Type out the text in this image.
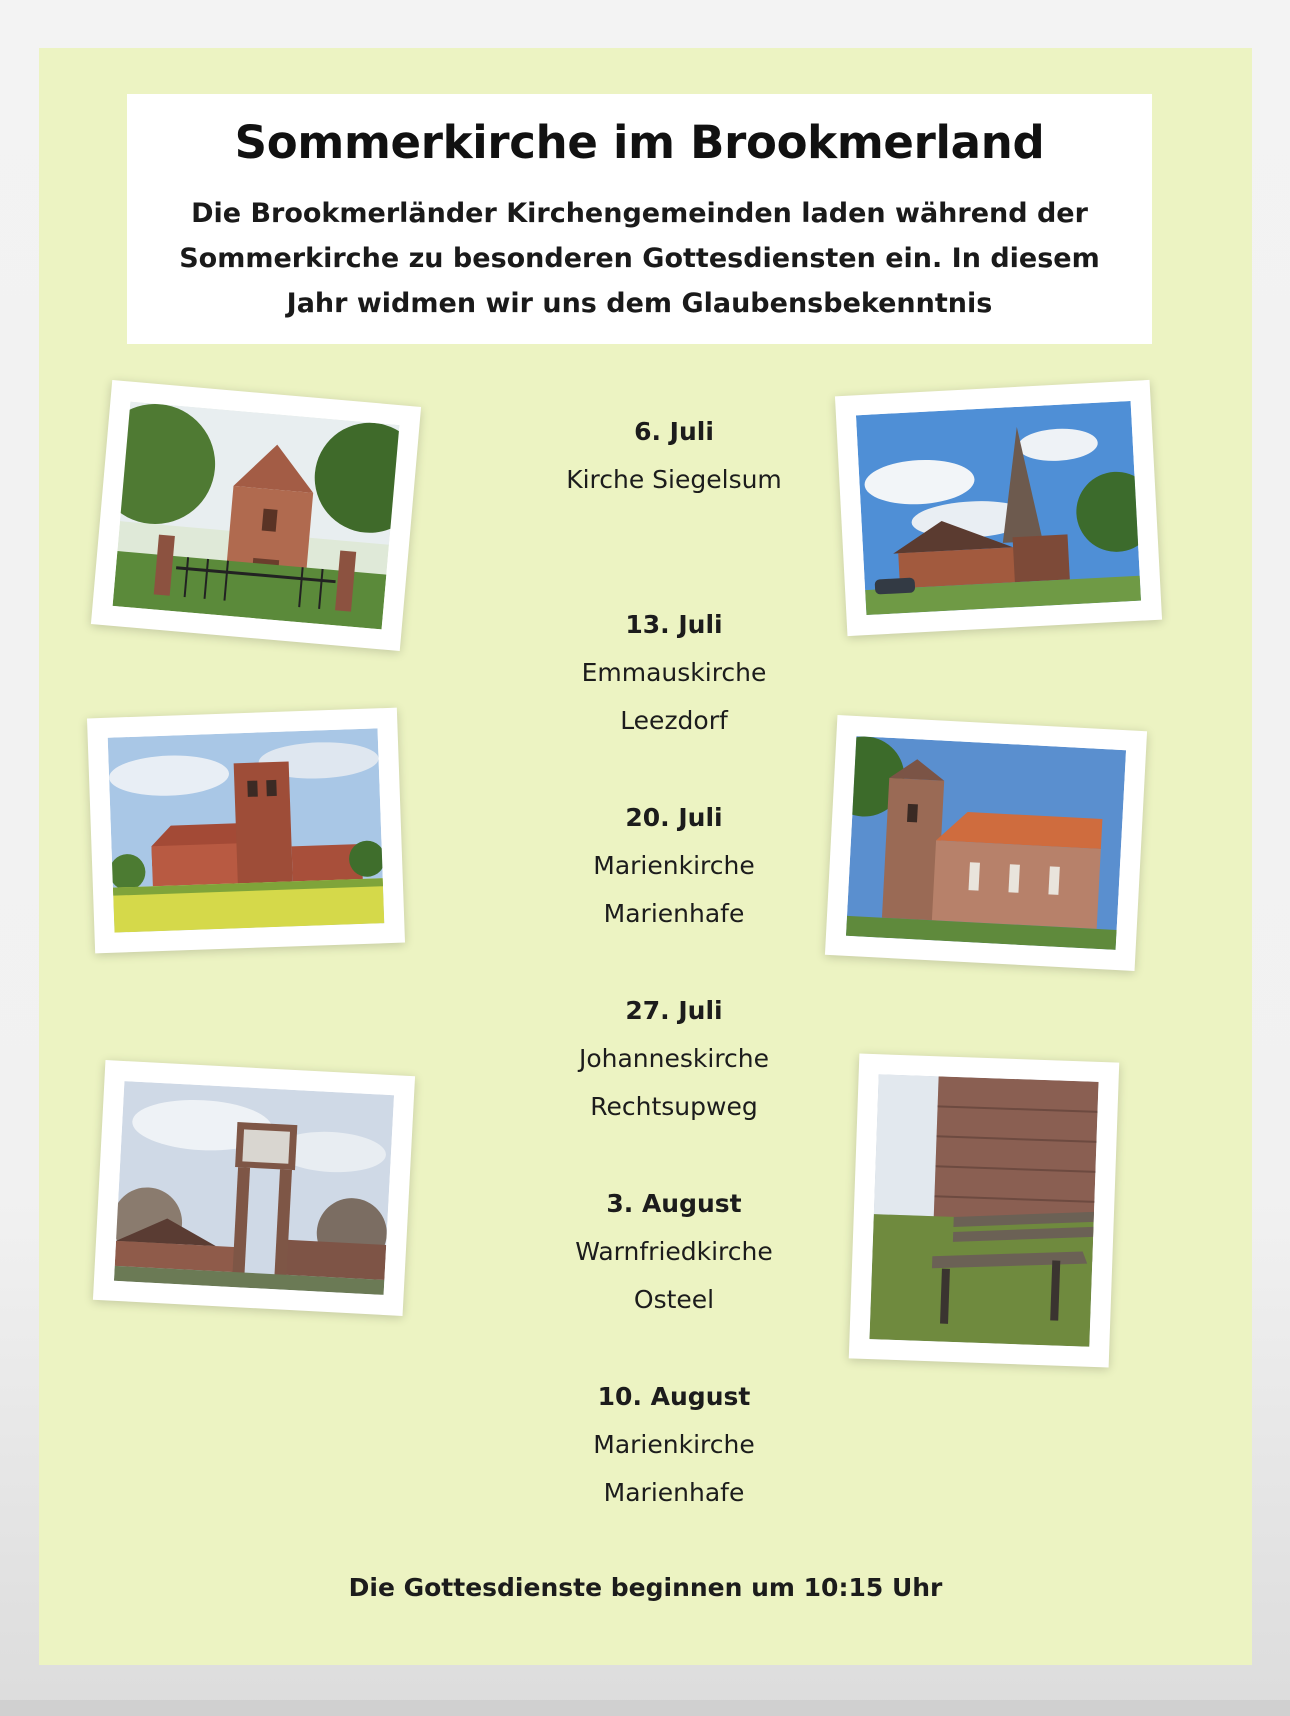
Sommerkirche im Brookmerland
Die Brookmerländer Kirchengemeinden laden während der Sommerkirche zu besonderen Gottesdiensten ein. In diesem Jahr widmen wir uns dem Glaubensbekenntnis
6. Juli
Kirche Siegelsum
13. Juli
Emmauskirche
Leezdorf
20. Juli
Marienkirche
Marienhafe
27. Juli
Johanneskirche
Rechtsupweg
3. August
Warnfriedkirche
Osteel
10. August
Marienkirche
Marienhafe
Die Gottesdienste beginnen um 10:15 Uhr
